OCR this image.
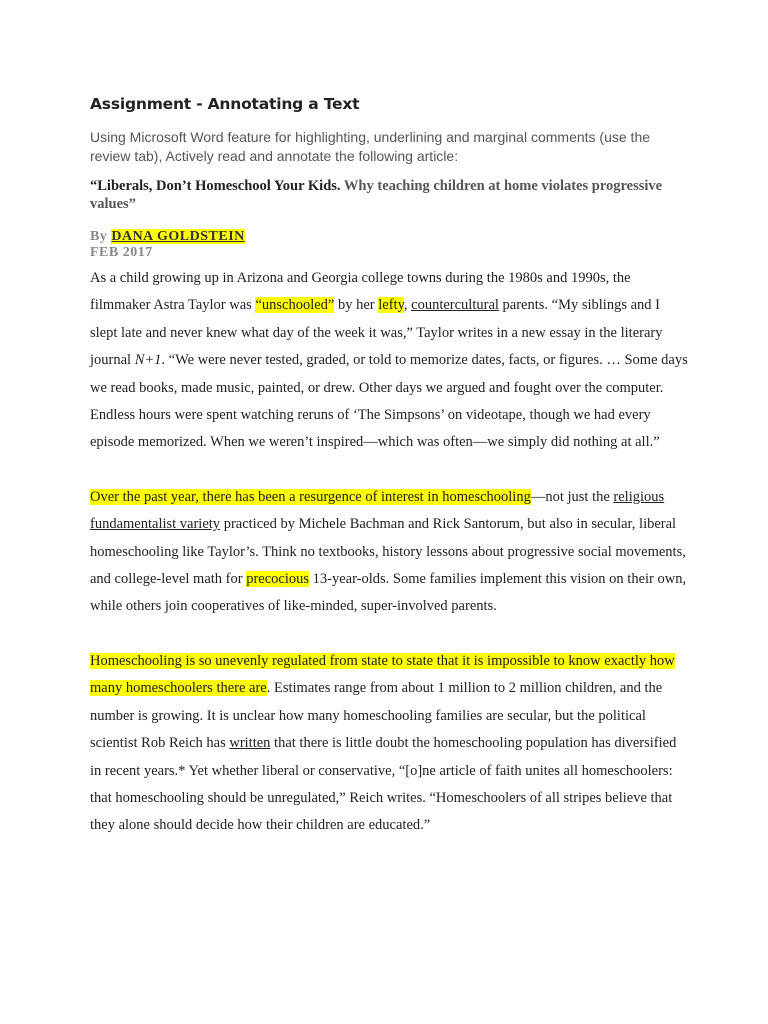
Assignment - Annotating a Text

Using Microsoft Word feature for highlighting, underlining and marginal comments (use the review tab), Actively read and annotate the following article:

“Liberals, Don’t Homeschool Your Kids. Why teaching children at home violates progressive values”

By DANA GOLDSTEIN

FEB 2017

As a child growing up in Arizona and Georgia college towns during the 1980s and 1990s, the filmmaker Astra Taylor was “unschooled” by her lefty, countercultural parents. “My siblings and I slept late and never knew what day of the week it was,” Taylor writes in a new essay in the literary journal N+1. “We were never tested, graded, or told to memorize dates, facts, or figures. … Some days we read books, made music, painted, or drew. Other days we argued and fought over the computer. Endless hours were spent watching reruns of ‘The Simpsons’ on videotape, though we had every episode memorized. When we weren’t inspired—which was often—we simply did nothing at all.”

Over the past year, there has been a resurgence of interest in homeschooling—not just the religious fundamentalist variety practiced by Michele Bachman and Rick Santorum, but also in secular, liberal homeschooling like Taylor’s. Think no textbooks, history lessons about progressive social movements, and college-level math for precocious 13-year-olds. Some families implement this vision on their own, while others join cooperatives of like-minded, super-involved parents.

Homeschooling is so unevenly regulated from state to state that it is impossible to know exactly how many homeschoolers there are. Estimates range from about 1 million to 2 million children, and the number is growing. It is unclear how many homeschooling families are secular, but the political scientist Rob Reich has written that there is little doubt the homeschooling population has diversified in recent years.* Yet whether liberal or conservative, “[o]ne article of faith unites all homeschoolers: that homeschooling should be unregulated,” Reich writes. “Homeschoolers of all stripes believe that they alone should decide how their children are educated.”
